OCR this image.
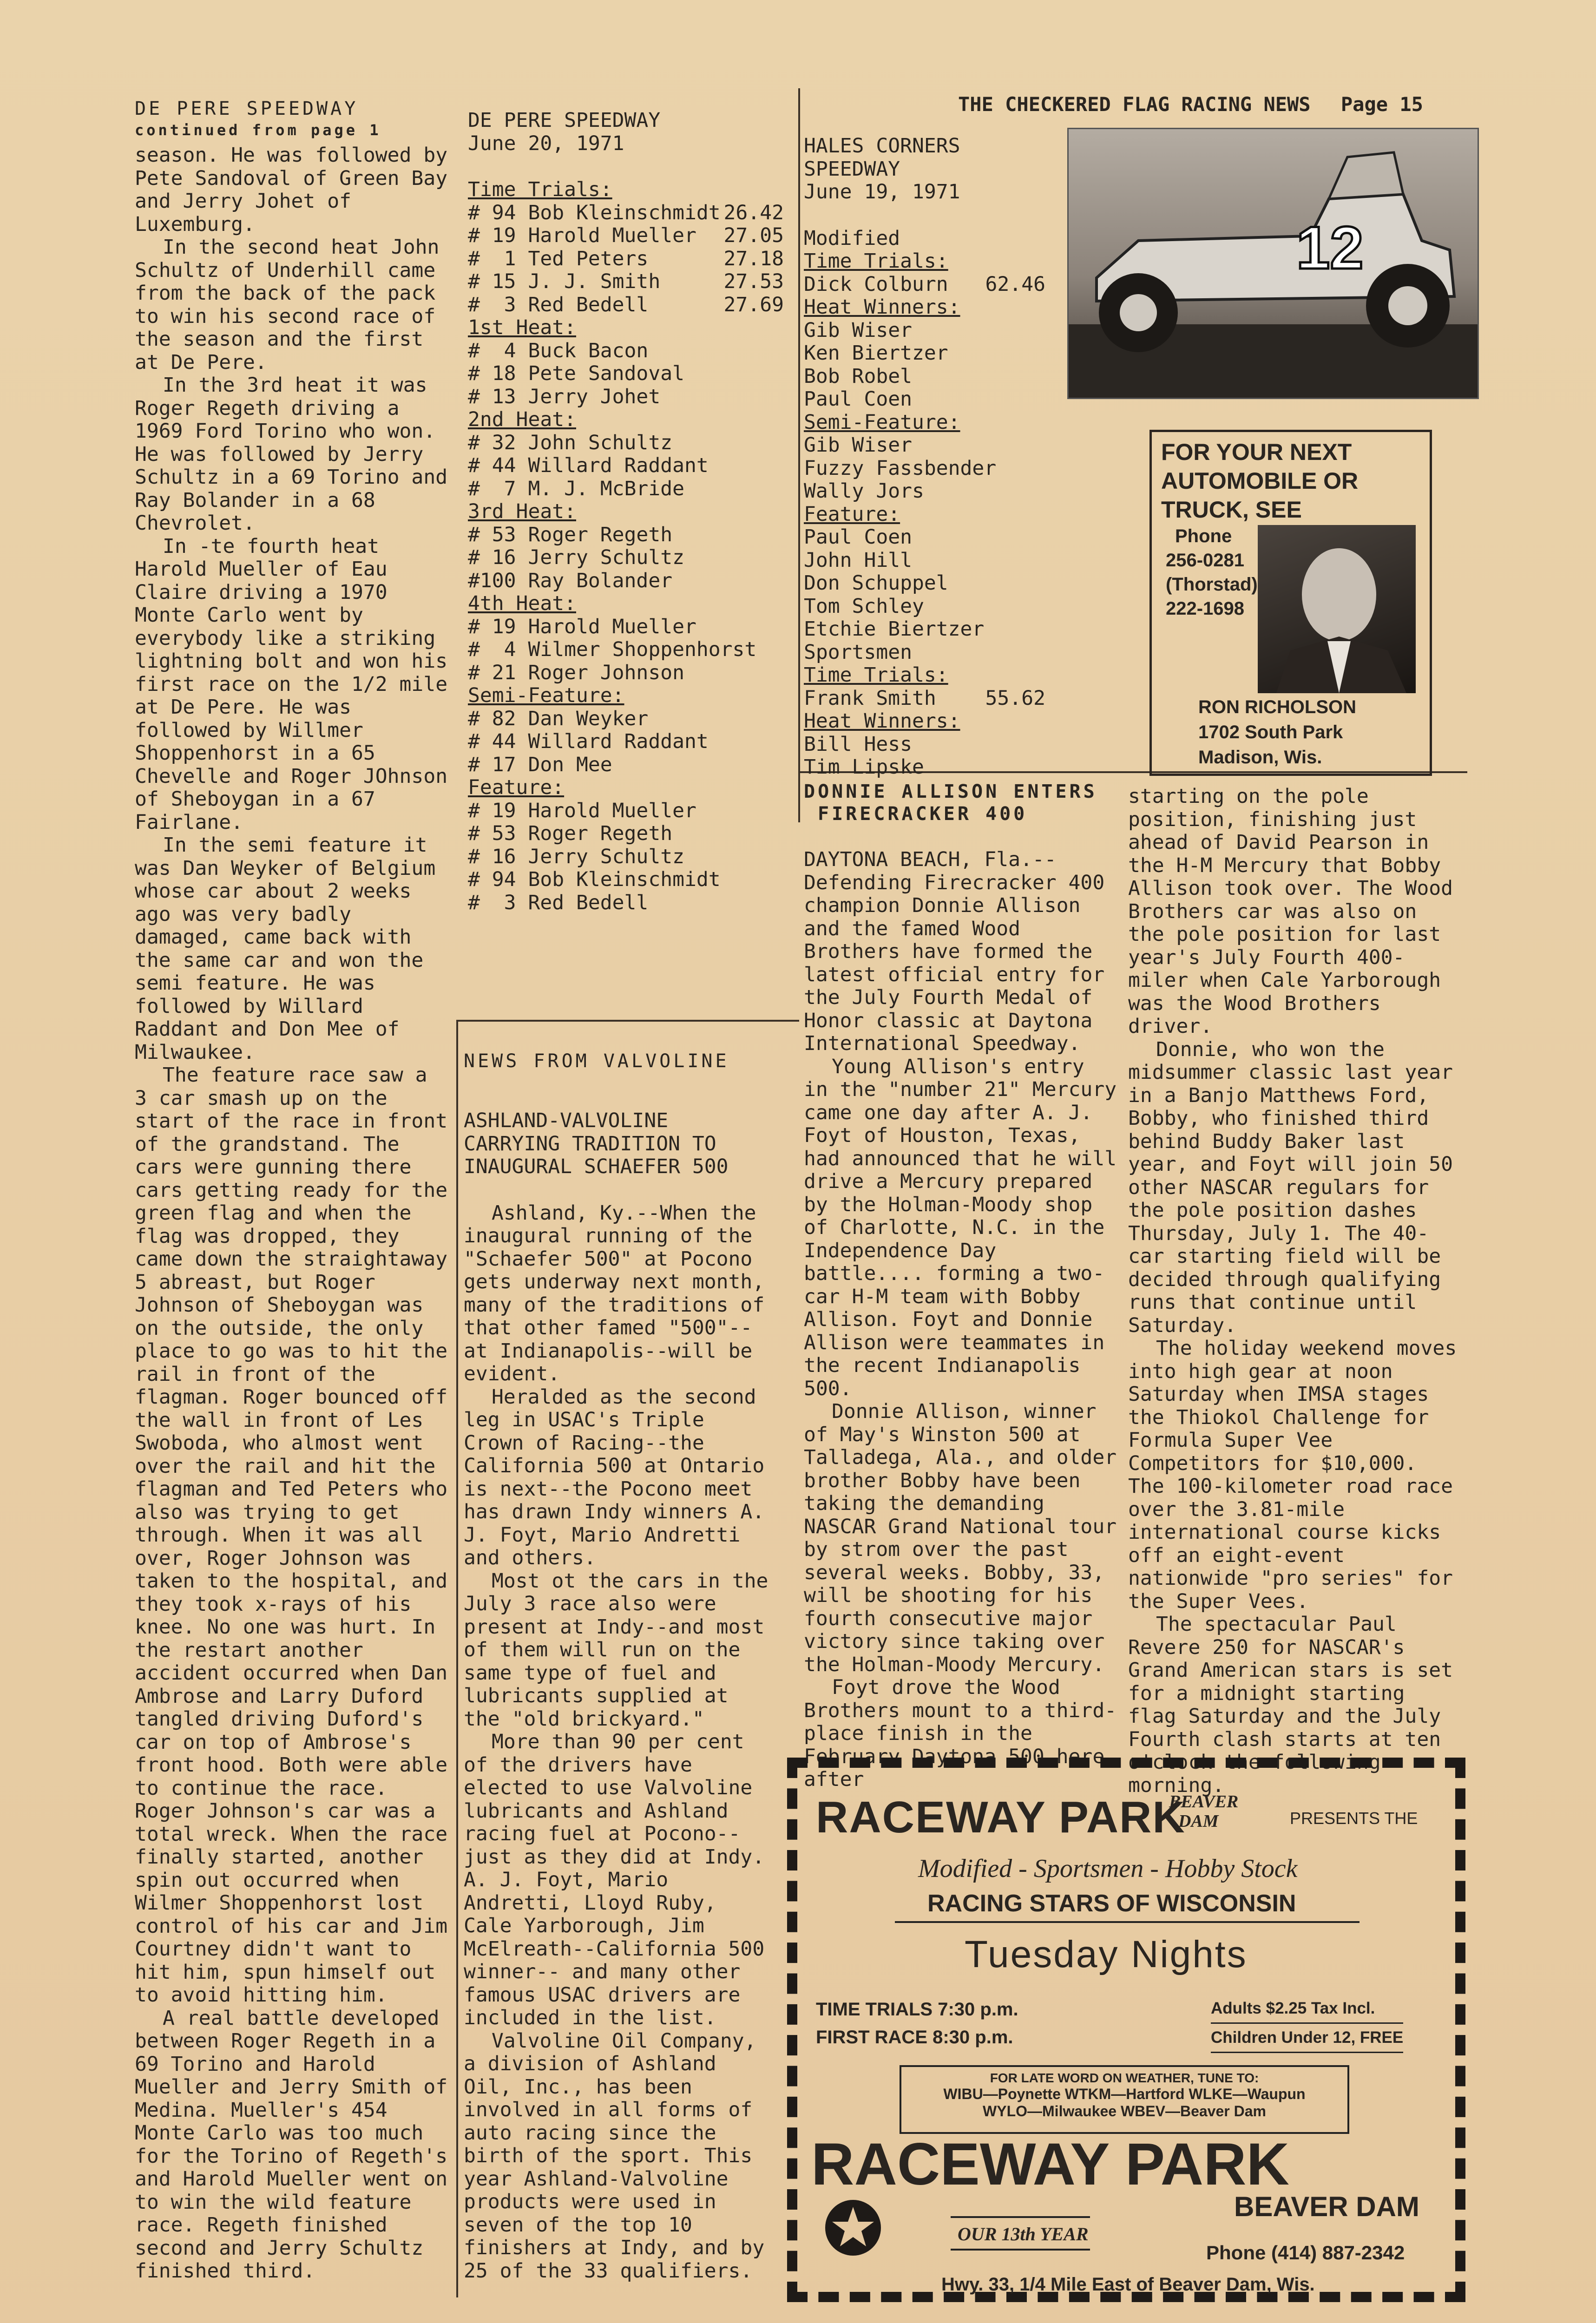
THE CHECKERED FLAG RACING NEWS Page 15

DE PERE SPEEDWAY

continued from page 1

season. He was followed by Pete Sandoval of Green Bay and Jerry Johet of Luxemburg.

In the second heat John Schultz of Underhill came from the back of the pack to win his second race of the season and the first at De Pere.

In the 3rd heat it was Roger Regeth driving a 1969 Ford Torino who won. He was followed by Jerry Schultz in a 69 Torino and Ray Bolander in a 68 Chevrolet.

In -te fourth heat Harold Mueller of Eau Claire driving a 1970 Monte Carlo went by everybody like a striking lightning bolt and won his first race on the 1/2 mile at De Pere. He was followed by Willmer Shoppenhorst in a 65 Chevelle and Roger JOhnson of Sheboygan in a 67 Fairlane.

In the semi feature it was Dan Weyker of Belgium whose car about 2 weeks ago was very badly damaged, came back with the same car and won the semi feature. He was followed by Willard Raddant and Don Mee of Milwaukee.

The feature race saw a 3 car smash up on the start of the race in front of the grandstand. The cars were gunning there cars getting ready for the green flag and when the flag was dropped, they came down the straightaway 5 abreast, but Roger Johnson of Sheboygan was on the outside, the only place to go was to hit the rail in front of the flagman. Roger bounced off the wall in front of Les Swoboda, who almost went over the rail and hit the flagman and Ted Peters who also was trying to get through. When it was all over, Roger Johnson was taken to the hospital, and they took x-rays of his knee. No one was hurt. In the restart another accident occurred when Dan Ambrose and Larry Duford tangled driving Duford's car on top of Ambrose's front hood. Both were able to continue the race. Roger Johnson's car was a total wreck. When the race finally started, another spin out occurred when Wilmer Shoppenhorst lost control of his car and Jim Courtney didn't want to hit him, spun himself out to avoid hitting him.

A real battle developed between Roger Regeth in a 69 Torino and Harold Mueller and Jerry Smith of Medina. Mueller's 454 Monte Carlo was too much for the Torino of Regeth's and Harold Mueller went on to win the wild feature race. Regeth finished second and Jerry Schultz finished third.

DE PERE SPEEDWAY

June 20, 1971

Time Trials:

# 94 Bob Kleinschmidt 26.42
# 19 Harold Mueller 27.05
#  1 Ted Peters	27.18
# 15 J. J. Smith	27.53
#  3 Red Bedell	27.69

1st Heat:

#  4 Buck Bacon
# 18 Pete Sandoval
# 13 Jerry Johet

2nd Heat:

# 32 John Schultz
# 44 Willard Raddant
#  7 M. J. McBride

3rd Heat:

# 53 Roger Regeth
# 16 Jerry Schultz
#100 Ray Bolander

4th Heat:

# 19 Harold Mueller
#  4 Wilmer Shoppenhorst
# 21 Roger Johnson

Semi-Feature:

# 82 Dan Weyker
# 44 Willard Raddant
# 17 Don Mee

Feature:

# 19 Harold Mueller
# 53 Roger Regeth
# 16 Jerry Schultz
# 94 Bob Kleinschmidt
#  3 Red Bedell

HALES CORNERS SPEEDWAY

June 19, 1971

Modified

Time Trials:

Dick Colburn 62.46

Heat Winners:

Gib Wiser
Ken Biertzer
Bob Robel
Paul Coen

Semi-Feature:

Gib Wiser
Fuzzy Fassbender
Wally Jors

Feature:

Paul Coen
John Hill
Don Schuppel
Tom Schley
Etchie Biertzer

Sportsmen

Time Trials:

Frank Smith 55.62

Heat Winners:

Bill Hess
Tim Lipske
12
FOR YOUR NEXT
AUTOMOBILE OR
TRUCK, SEE
Phone
256-0281
(Thorstad)
222-1698
RON RICHOLSON
1702 South Park
Madison, Wis.

NEWS FROM VALVOLINE

ASHLAND-VALVOLINE CARRYING TRADITION TO INAUGURAL SCHAEFER 500

Ashland, Ky.--When the inaugural running of the "Schaefer 500" at Pocono gets underway next month, many of the traditions of that other famed "500"--at Indianapolis--will be evident.

Heralded as the second leg in USAC's Triple Crown of Racing--the California 500 at Ontario is next--the Pocono meet has drawn Indy winners A. J. Foyt, Mario Andretti and others.

Most ot the cars in the July 3 race also were present at Indy--and most of them will run on the same type of fuel and lubricants supplied at the "old brickyard."

More than 90 per cent of the drivers have elected to use Valvoline lubricants and Ashland racing fuel at Pocono--just as they did at Indy. A. J. Foyt, Mario Andretti, Lloyd Ruby, Cale Yarborough, Jim McElreath--California 500 winner-- and many other famous USAC drivers are included in the list.

Valvoline Oil Company, a division of Ashland Oil, Inc., has been involved in all forms of auto racing since the birth of the sport. This year Ashland-Valvoline products were used in seven of the top 10 finishers at Indy, and by 25 of the 33 qualifiers.

DONNIE ALLISON ENTERS

FIRECRACKER 400

DAYTONA BEACH, Fla.--Defending Firecracker 400 champion Donnie Allison and the famed Wood Brothers have formed the latest official entry for the July Fourth Medal of Honor classic at Daytona International Speedway.

Young Allison's entry in the "number 21" Mercury came one day after A. J. Foyt of Houston, Texas, had announced that he will drive a Mercury prepared by the Holman-Moody shop of Charlotte, N.C. in the Independence Day battle.... forming a two-car H-M team with Bobby Allison. Foyt and Donnie Allison were teammates in the recent Indianapolis 500.

Donnie Allison, winner of May's Winston 500 at Talladega, Ala., and older brother Bobby have been taking the demanding NASCAR Grand National tour by strom over the past several weeks. Bobby, 33, will be shooting for his fourth consecutive major victory since taking over the Holman-Moody Mercury.

Foyt drove the Wood Brothers mount to a third-place finish in the February Daytona 500 here after

starting on the pole position, finishing just ahead of David Pearson in the H-M Mercury that Bobby Allison took over. The Wood Brothers car was also on the pole position for last year's July Fourth 400-miler when Cale Yarborough was the Wood Brothers driver.

Donnie, who won the midsummer classic last year in a Banjo Matthews Ford, Bobby, who finished third behind Buddy Baker last year, and Foyt will join 50 other NASCAR regulars for the pole position dashes Thursday, July 1. The 40-car starting field will be decided through qualifying runs that continue until Saturday.

The holiday weekend moves into high gear at noon Saturday when IMSA stages the Thiokol Challenge for Formula Super Vee Competitors for $10,000. The 100-kilometer road race over the 3.81-mile international course kicks off an eight-event nationwide "pro series" for the Super Vees.

The spectacular Paul Revere 250 for NASCAR's Grand American stars is set for a midnight starting flag Saturday and the July Fourth clash starts at ten o'clock the following morning.

RACEWAY PARK
BEAVER
DAM	PRESENTS THE
Modified - Sportsmen - Hobby Stock
RACING STARS OF WISCONSIN
Tuesday Nights
TIME TRIALS 7:30 p.m.
FIRST RACE 8:30 p.m.
Adults $2.25 Tax Incl.
Children Under 12, FREE
FOR LATE WORD ON WEATHER, TUNE TO:
WIBU—Poynette WTKM—Hartford WLKE—Waupun
WYLO—Milwaukee WBEV—Beaver Dam
RACEWAY PARK
BEAVER DAM
OUR 13th YEAR
Phone (414) 887-2342
Hwy. 33, 1/4 Mile East of Beaver Dam, Wis.
